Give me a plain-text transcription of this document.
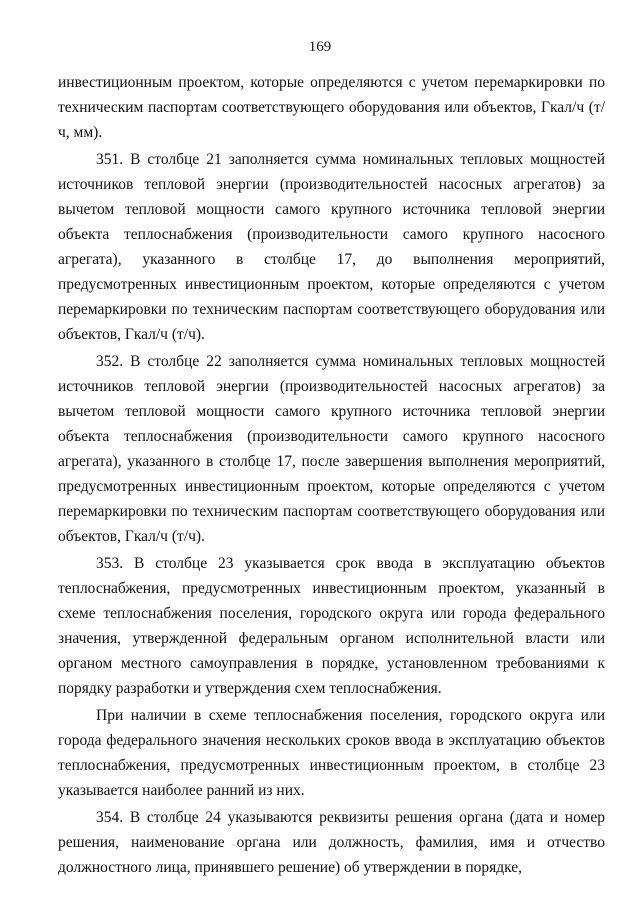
169

инвестиционным проектом, которые определяются с учетом перемаркировки по техническим паспортам соответствующего оборудования или объектов, Гкал/ч (т/ч, мм).

351. В столбце 21 заполняется сумма номинальных тепловых мощностей источников тепловой энергии (производительностей насосных агрегатов) за вычетом тепловой мощности самого крупного источника тепловой энергии объекта теплоснабжения (производительности самого крупного насосного агрегата), указанного в столбце 17, до выполнения мероприятий, предусмотренных инвестиционным проектом, которые определяются с учетом перемаркировки по техническим паспортам соответствующего оборудования или объектов, Гкал/ч (т/ч).

352. В столбце 22 заполняется сумма номинальных тепловых мощностей источников тепловой энергии (производительностей насосных агрегатов) за вычетом тепловой мощности самого крупного источника тепловой энергии объекта теплоснабжения (производительности самого крупного насосного агрегата), указанного в столбце 17, после завершения выполнения мероприятий, предусмотренных инвестиционным проектом, которые определяются с учетом перемаркировки по техническим паспортам соответствующего оборудования или объектов, Гкал/ч (т/ч).

353. В столбце 23 указывается срок ввода в эксплуатацию объектов теплоснабжения, предусмотренных инвестиционным проектом, указанный в схеме теплоснабжения поселения, городского округа или города федерального значения, утвержденной федеральным органом исполнительной власти или органом местного самоуправления в порядке, установленном требованиями к порядку разработки и утверждения схем теплоснабжения.

При наличии в схеме теплоснабжения поселения, городского округа или города федерального значения нескольких сроков ввода в эксплуатацию объектов теплоснабжения, предусмотренных инвестиционным проектом, в столбце 23 указывается наиболее ранний из них.

354. В столбце 24 указываются реквизиты решения органа (дата и номер решения, наименование органа или должность, фамилия, имя и отчество должностного лица, принявшего решение) об утверждении в порядке,
